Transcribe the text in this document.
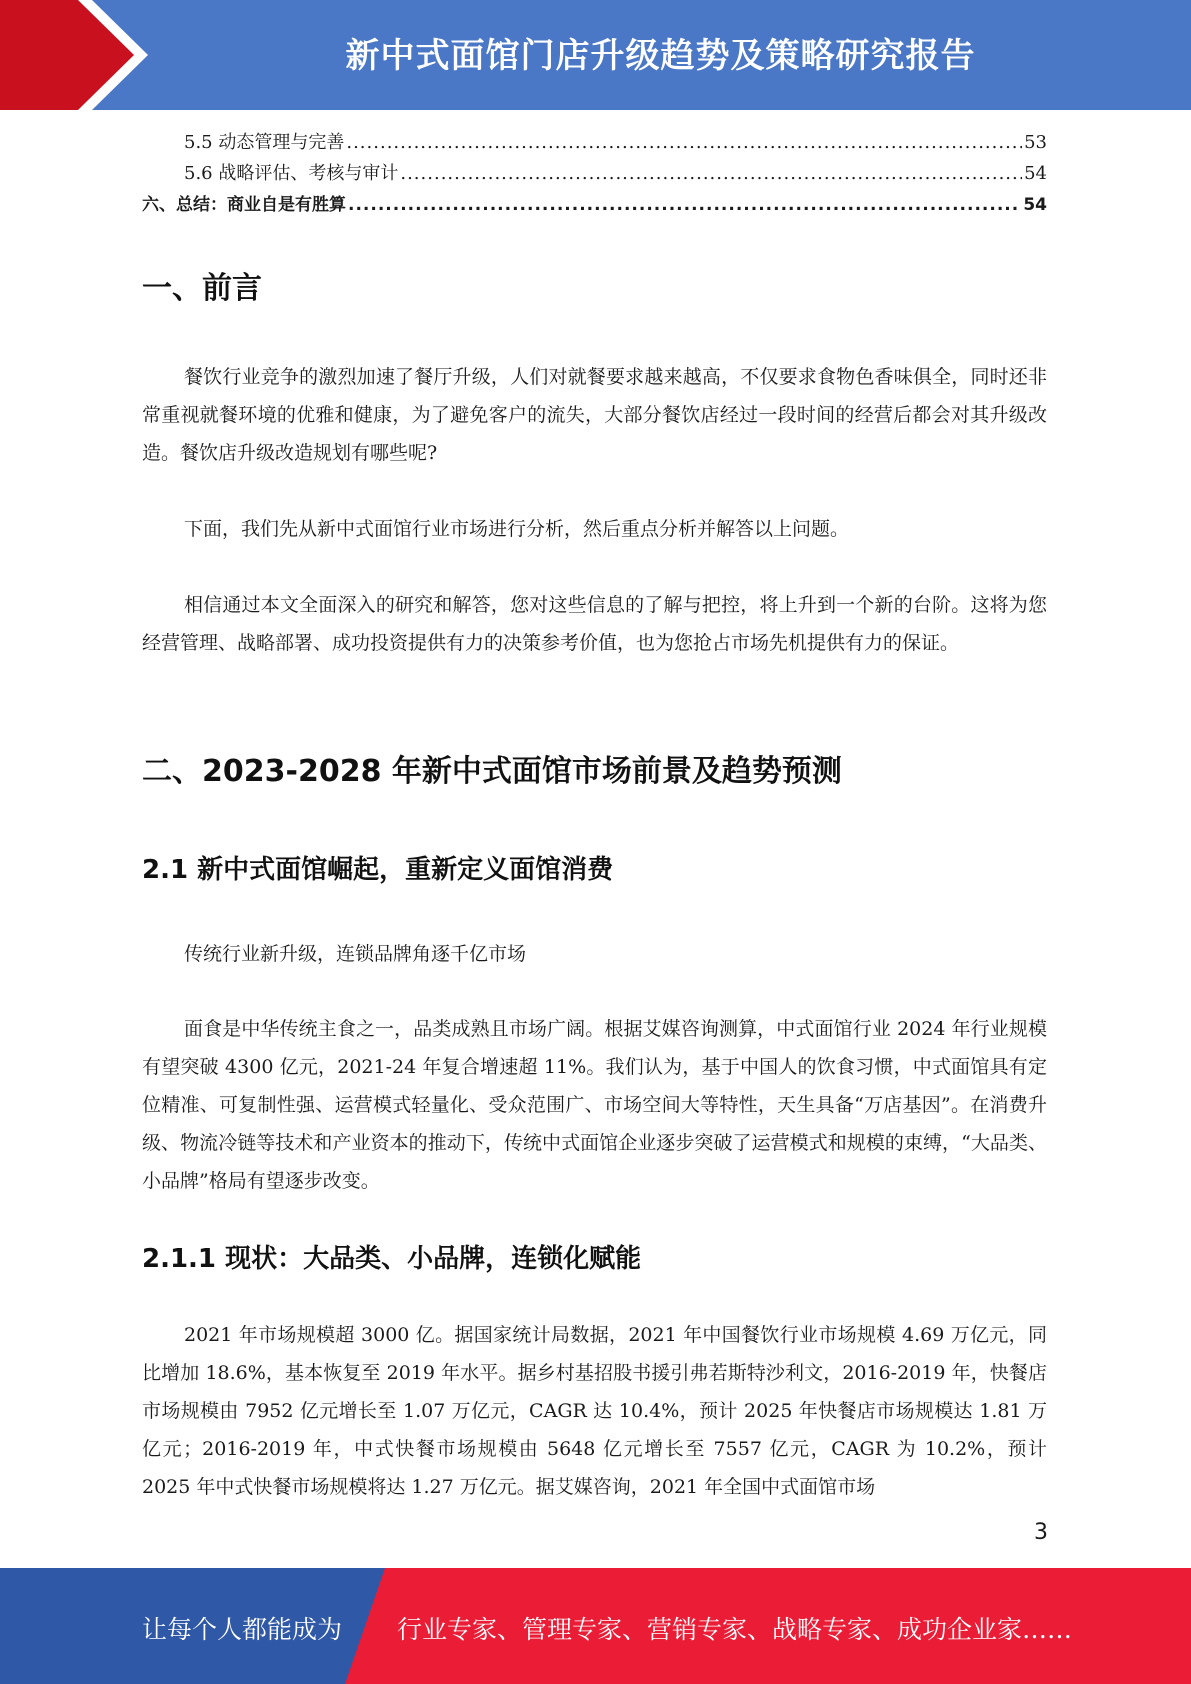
新中式面馆门店升级趋势及策略研究报告
5.5 动态管理与完善 .....	53
5.6 战略评估、考核与审计 .....	54
六、总结：商业自是有胜算 .....	54
一、前言
餐饮行业竞争的激烈加速了餐厅升级，人们对就餐要求越来越高，不仅要求食物色香味俱全，同时还非常重视就餐环境的优雅和健康，为了避免客户的流失，大部分餐饮店经过一段时间的经营后都会对其升级改造。餐饮店升级改造规划有哪些呢?
下面，我们先从新中式面馆行业市场进行分析，然后重点分析并解答以上问题。
相信通过本文全面深入的研究和解答，您对这些信息的了解与把控，将上升到一个新的台阶。这将为您经营管理、战略部署、成功投资提供有力的决策参考价值，也为您抢占市场先机提供有力的保证。
二、2023-2028 年新中式面馆市场前景及趋势预测
2.1 新中式面馆崛起，重新定义面馆消费
传统行业新升级，连锁品牌角逐千亿市场
面食是中华传统主食之一，品类成熟且市场广阔。根据艾媒咨询测算，中式面馆行业 2024 年行业规模有望突破 4300 亿元，2021-24 年复合增速超 11%。我们认为，基于中国人的饮食习惯，中式面馆具有定位精准、可复制性强、运营模式轻量化、受众范围广、市场空间大等特性，天生具备“万店基因”。在消费升级、物流冷链等技术和产业资本的推动下，传统中式面馆企业逐步突破了运营模式和规模的束缚，“大品类、小品牌”格局有望逐步改变。
2.1.1 现状：大品类、小品牌，连锁化赋能
2021 年市场规模超 3000 亿。据国家统计局数据，2021 年中国餐饮行业市场规模 4.69 万亿元，同比增加 18.6%，基本恢复至 2019 年水平。据乡村基招股书援引弗若斯特沙利文，2016-2019 年，快餐店市场规模由 7952 亿元增长至 1.07 万亿元，CAGR 达 10.4%，预计 2025 年快餐店市场规模达 1.81 万亿元；2016-2019 年，中式快餐市场规模由 5648 亿元增长至 7557 亿元，CAGR 为 10.2%，预计 2025 年中式快餐市场规模将达 1.27 万亿元。据艾媒咨询，2021 年全国中式面馆市场
3
让每个人都能成为 行业专家、管理专家、营销专家、战略专家、成功企业家……
